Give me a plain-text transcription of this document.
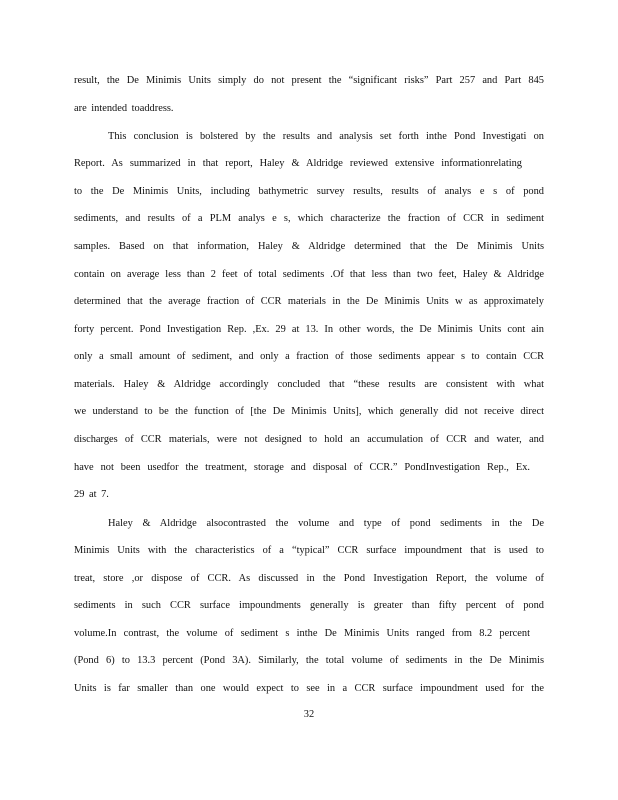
result, the De Minimis Units simply do not present the “significant risks” Part 257 and Part 845
are intended toaddress.
This conclusion is bolstered by the results and analysis set forth inthe Pond Investigati on
Report. As summarized in that report, Haley & Aldridge reviewed extensive informationrelating
to the De Minimis Units, including bathymetric survey results, results of analys e s of pond
sediments, and results of a PLM analys e s, which characterize the fraction of CCR in sediment
samples. Based on that information, Haley & Aldridge determined that the De Minimis Units
contain on average less than 2 feet of total sediments .Of that less than two feet, Haley & Aldridge
determined that the average fraction of CCR materials in the De Minimis Units w as approximately
forty percent. Pond Investigation Rep. ,Ex. 29 at 13. In other words, the De Minimis Units cont ain
only a small amount of sediment, and only a fraction of those sediments appear s to contain CCR
materials. Haley & Aldridge accordingly concluded that “these results are consistent with what
we understand to be the function of [the De Minimis Units], which generally did not receive direct
discharges of CCR materials, were not designed to hold an accumulation of CCR and water, and
have not been usedfor the treatment, storage and disposal of CCR.” PondInvestigation Rep., Ex.
29 at 7.
Haley & Aldridge alsocontrasted the volume and type of pond sediments in the De
Minimis Units with the characteristics of a “typical” CCR surface impoundment that is used to
treat, store ,or dispose of CCR. As discussed in the Pond Investigation Report, the volume of
sediments in such CCR surface impoundments generally is greater than fifty percent of pond
volume.In contrast, the volume of sediment s inthe De Minimis Units ranged from 8.2 percent
(Pond 6) to 13.3 percent (Pond 3A). Similarly, the total volume of sediments in the De Minimis
Units is far smaller than one would expect to see in a CCR surface impoundment used for the
32
